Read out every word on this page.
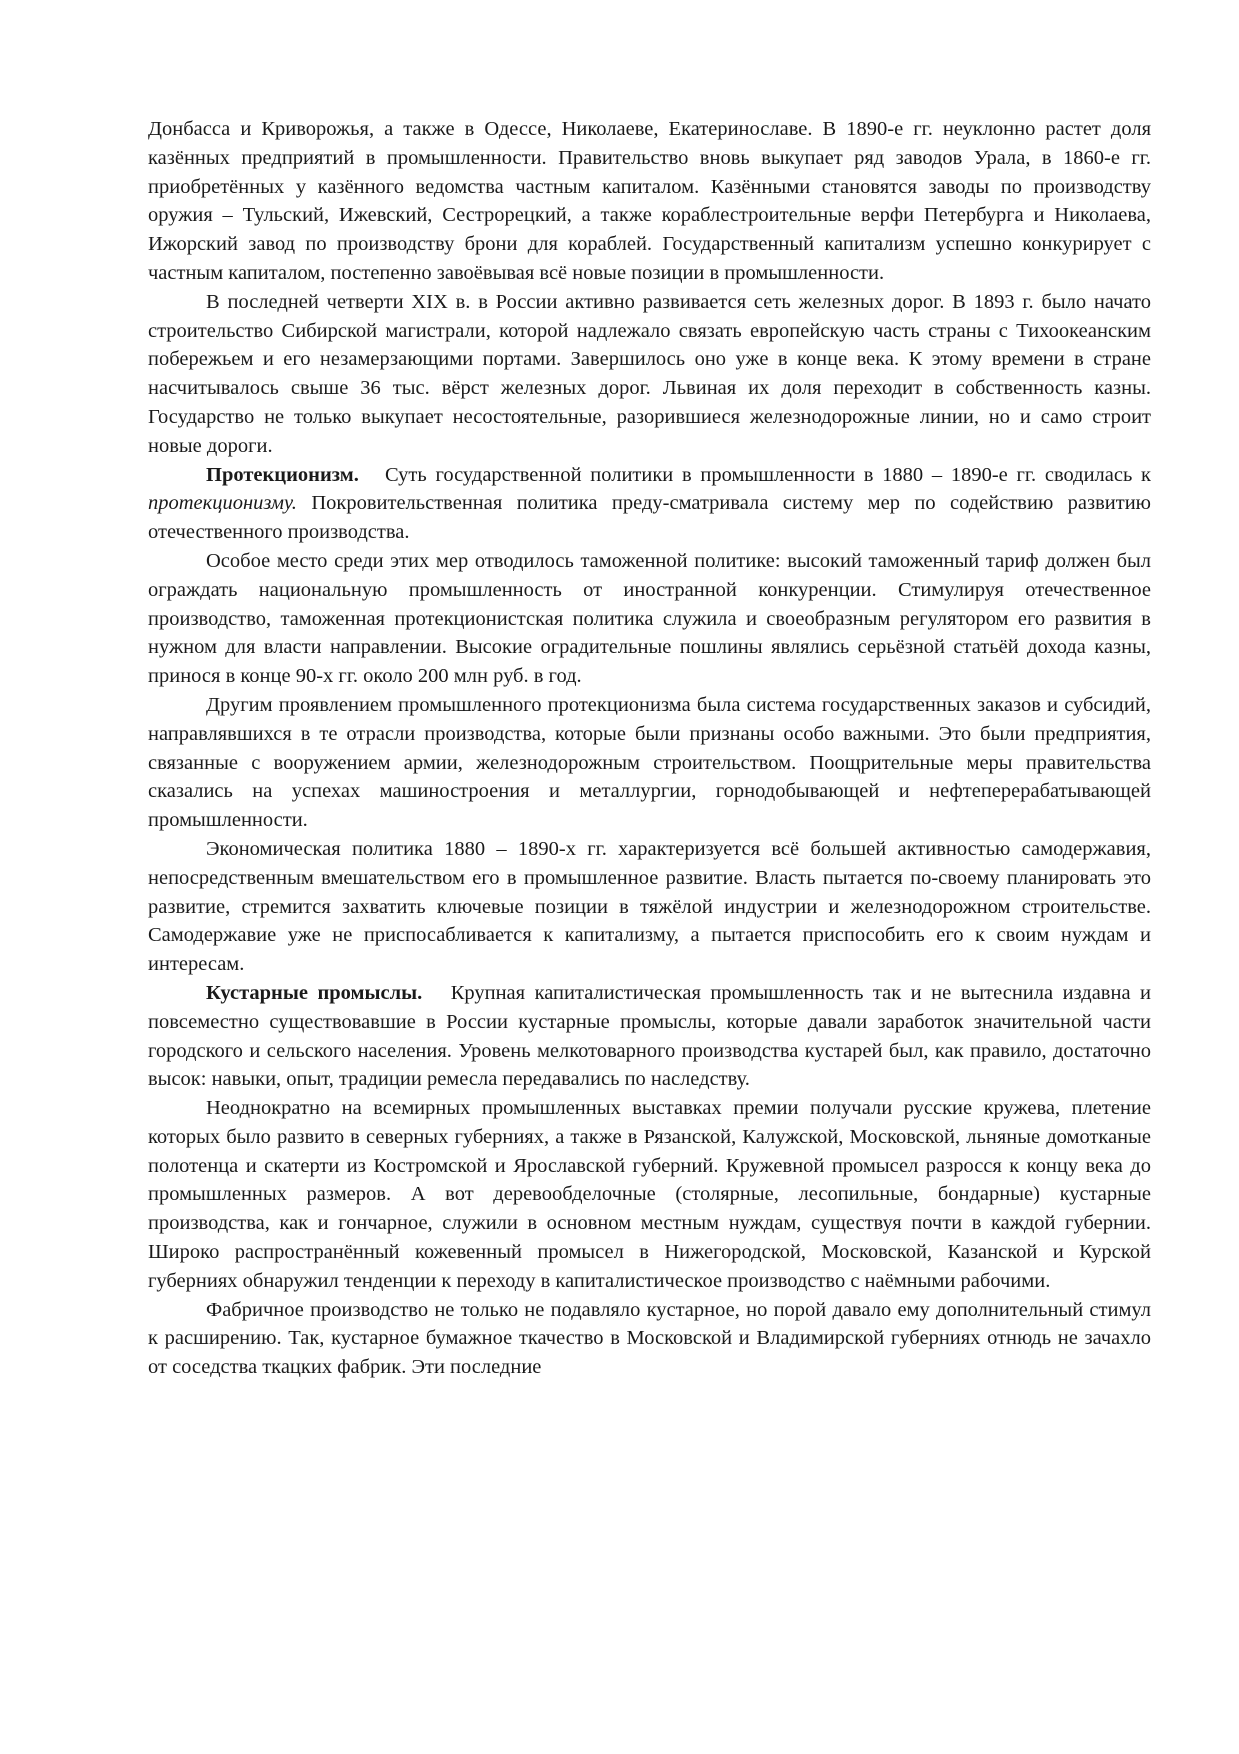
Донбасса и Криворожья, а также в Одессе, Николаеве, Екатеринославе. В 1890-е гг. неуклонно растет доля казённых предприятий в промышленности. Правительство вновь выкупает ряд заводов Урала, в 1860-е гг. приобретённых у казённого ведомства частным капиталом. Казёнными становятся заводы по производству оружия – Тульский, Ижевский, Сестрорецкий, а также кораблестроительные верфи Петербурга и Николаева, Ижорский завод по производству брони для кораблей. Государственный капитализм успешно конкурирует с частным капиталом, постепенно завоёвывая всё новые позиции в промышленности.

В последней четверти XIX в. в России активно развивается сеть железных дорог. В 1893 г. было начато строительство Сибирской магистрали, которой надлежало связать европейскую часть страны с Тихоокеанским побережьем и его незамерзающими портами. Завершилось оно уже в конце века. К этому времени в стране насчитывалось свыше 36 тыс. вёрст железных дорог. Львиная их доля переходит в собственность казны. Государство не только выкупает несостоятельные, разорившиеся железнодорожные линии, но и само строит новые дороги.

Протекционизм. Суть государственной политики в промышленности в 1880 – 1890-е гг. сводилась к протекционизму. Покровительственная политика преду-сматривала систему мер по содействию развитию отечественного производства.

Особое место среди этих мер отводилось таможенной политике: высокий таможенный тариф должен был ограждать национальную промышленность от иностранной конкуренции. Стимулируя отечественное производство, таможенная протекционистская политика служила и своеобразным регулятором его развития в нужном для власти направлении. Высокие оградительные пошлины являлись серьёзной статьёй дохода казны, принося в конце 90-х гг. около 200 млн руб. в год.

Другим проявлением промышленного протекционизма была система государственных заказов и субсидий, направлявшихся в те отрасли производства, которые были признаны особо важными. Это были предприятия, связанные с вооружением армии, железнодорожным строительством. Поощрительные меры правительства сказались на успехах машиностроения и металлургии, горнодобывающей и нефтеперерабатывающей промышленности.

Экономическая политика 1880 – 1890-х гг. характеризуется всё большей активностью самодержавия, непосредственным вмешательством его в промышленное развитие. Власть пытается по-своему планировать это развитие, стремится захватить ключевые позиции в тяжёлой индустрии и железнодорожном строительстве. Самодержавие уже не приспосабливается к капитализму, а пытается приспособить его к своим нуждам и интересам.

Кустарные промыслы. Крупная капиталистическая промышленность так и не вытеснила издавна и повсеместно существовавшие в России кустарные промыслы, которые давали заработок значительной части городского и сельского населения. Уровень мелкотоварного производства кустарей был, как правило, достаточно высок: навыки, опыт, традиции ремесла передавались по наследству.

Неоднократно на всемирных промышленных выставках премии получали русские кружева, плетение которых было развито в северных губерниях, а также в Рязанской, Калужской, Московской, льняные домотканые полотенца и скатерти из Костромской и Ярославской губерний. Кружевной промысел разросся к концу века до промышленных размеров. А вот деревообделочные (столярные, лесопильные, бондарные) кустарные производства, как и гончарное, служили в основном местным нуждам, существуя почти в каждой губернии. Широко распространённый кожевенный промысел в Нижегородской, Московской, Казанской и Курской губерниях обнаружил тенденции к переходу в капиталистическое производство с наёмными рабочими.

Фабричное производство не только не подавляло кустарное, но порой давало ему дополнительный стимул к расширению. Так, кустарное бумажное ткачество в Московской и Владимирской губерниях отнюдь не зачахло от соседства ткацких фабрик. Эти последние
